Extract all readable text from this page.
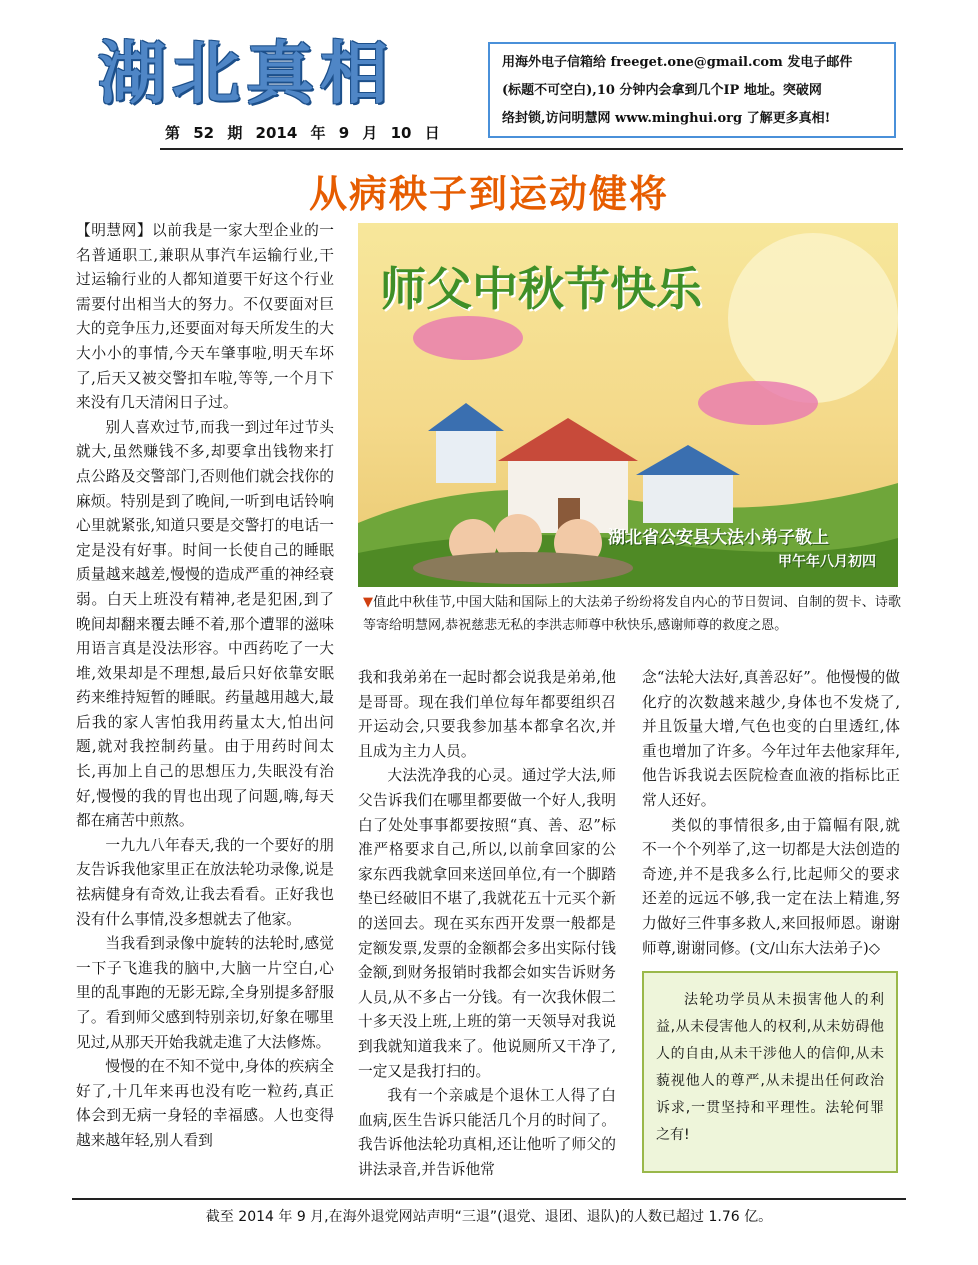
湖北真相
第 52 期 2014 年 9 月 10 日
用海外电子信箱给 freeget.one@gmail.com 发电子邮件
(标题不可空白),10 分钟内会拿到几个IP 地址。突破网
络封锁,访问明慧网 www.minghui.org 了解更多真相!
从病秧子到运动健将

【明慧网】以前我是一家大型企业的一名普通职工,兼职从事汽车运输行业,干过运输行业的人都知道要干好这个行业需要付出相当大的努力。不仅要面对巨大的竞争压力,还要面对每天所发生的大大小小的事情,今天车肇事啦,明天车坏了,后天又被交警扣车啦,等等,一个月下来没有几天清闲日子过。

别人喜欢过节,而我一到过年过节头就大,虽然赚钱不多,却要拿出钱物来打点公路及交警部门,否则他们就会找你的麻烦。特别是到了晚间,一听到电话铃响心里就紧张,知道只要是交警打的电话一定是没有好事。时间一长使自己的睡眠质量越来越差,慢慢的造成严重的神经衰弱。白天上班没有精神,老是犯困,到了晚间却翻来覆去睡不着,那个遭罪的滋味用语言真是没法形容。中西药吃了一大堆,效果却是不理想,最后只好依靠安眠药来维持短暂的睡眠。药量越用越大,最后我的家人害怕我用药量太大,怕出问题,就对我控制药量。由于用药时间太长,再加上自己的思想压力,失眠没有治好,慢慢的我的胃也出现了问题,嗨,每天都在痛苦中煎熬。

一九九八年春天,我的一个要好的朋友告诉我他家里正在放法轮功录像,说是祛病健身有奇效,让我去看看。正好我也没有什么事情,没多想就去了他家。

当我看到录像中旋转的法轮时,感觉一下子飞進我的脑中,大脑一片空白,心里的乱事跑的无影无踪,全身别提多舒服了。看到师父感到特别亲切,好象在哪里见过,从那天开始我就走進了大法修炼。

慢慢的在不知不觉中,身体的疾病全好了,十几年来再也没有吃一粒药,真正体会到无病一身轻的幸福感。人也变得越来越年轻,别人看到

师父中秋节快乐
湖北省公安县大法小弟子敬上
甲午年八月初四
▼值此中秋佳节,中国大陆和国际上的大法弟子纷纷将发自内心的节日贺词、自制的贺卡、诗歌等寄给明慧网,恭祝慈悲无私的李洪志师尊中秋快乐,感谢师尊的救度之恩。

我和我弟弟在一起时都会说我是弟弟,他是哥哥。现在我们单位每年都要组织召开运动会,只要我参加基本都拿名次,并且成为主力人员。

大法洗净我的心灵。通过学大法,师父告诉我们在哪里都要做一个好人,我明白了处处事事都要按照“真、善、忍”标准严格要求自己,所以,以前拿回家的公家东西我就拿回来送回单位,有一个脚踏垫已经破旧不堪了,我就花五十元买个新的送回去。现在买东西开发票一般都是定额发票,发票的金额都会多出实际付钱金额,到财务报销时我都会如实告诉财务人员,从不多占一分钱。有一次我休假二十多天没上班,上班的第一天领导对我说到我就知道我来了。他说厕所又干净了,一定又是我打扫的。

我有一个亲戚是个退休工人得了白血病,医生告诉只能活几个月的时间了。我告诉他法轮功真相,还让他听了师父的讲法录音,并告诉他常

念“法轮大法好,真善忍好”。他慢慢的做化疗的次数越来越少,身体也不发烧了,并且饭量大增,气色也变的白里透红,体重也增加了许多。今年过年去他家拜年,他告诉我说去医院检查血液的指标比正常人还好。

类似的事情很多,由于篇幅有限,就不一个个列举了,这一切都是大法创造的奇迹,并不是我多么行,比起师父的要求还差的远远不够,我一定在法上精進,努力做好三件事多救人,来回报师恩。谢谢师尊,谢谢同修。(文/山东大法弟子)◇

法轮功学员从未损害他人的利益,从未侵害他人的权利,从未妨碍他人的自由,从未干涉他人的信仰,从未藐视他人的尊严,从未提出任何政治诉求,一贯坚持和平理性。法轮何罪之有!
截至 2014 年 9 月,在海外退党网站声明“三退”(退党、退团、退队)的人数已超过 1.76 亿。
